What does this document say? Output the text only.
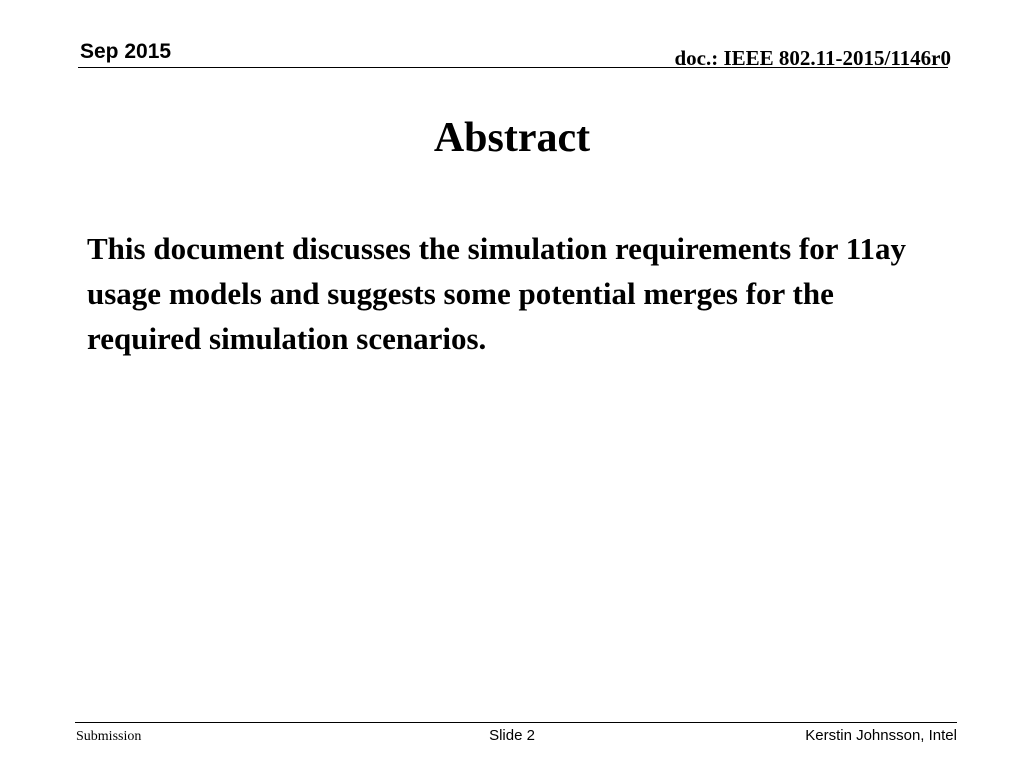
Sep 2015	doc.: IEEE 802.11-2015/1146r0
Abstract
This document discusses the simulation requirements for 11ay usage models and suggests some potential merges for the required simulation scenarios.
Submission	Slide 2	Kerstin Johnsson, Intel
